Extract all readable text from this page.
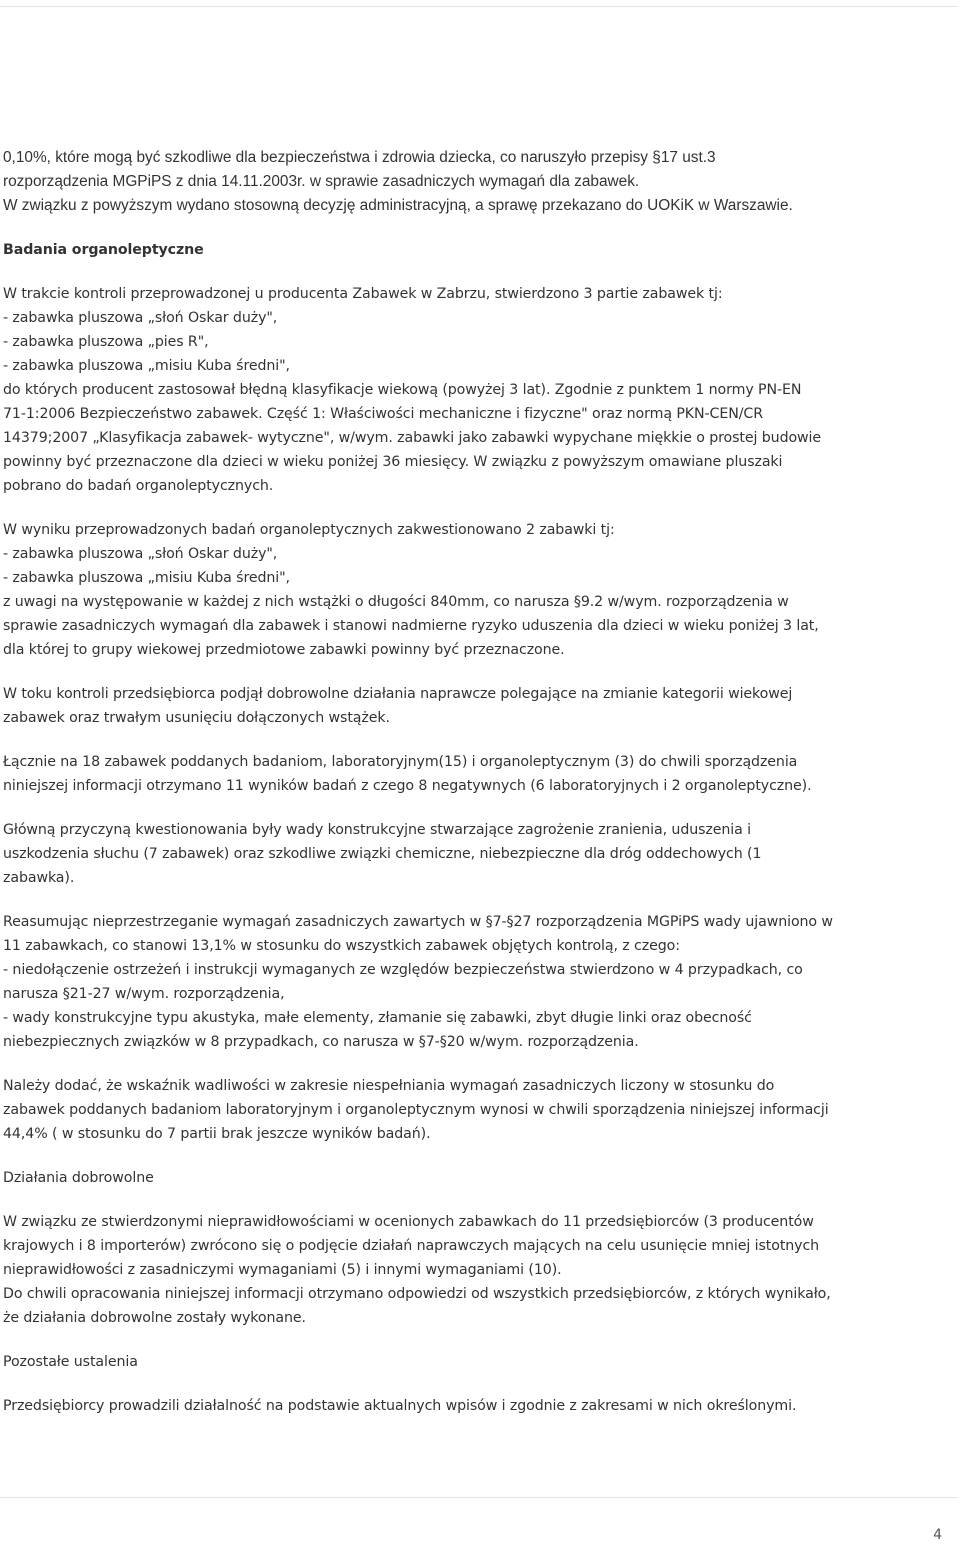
0,10%, które mogą być szkodliwe dla bezpieczeństwa i zdrowia dziecka, co naruszyło przepisy §17 ust.3
rozporządzenia MGPiPS z dnia 14.11.2003r. w sprawie zasadniczych wymagań dla zabawek.
W związku z powyższym wydano stosowną decyzję administracyjną, a sprawę przekazano do UOKiK w Warszawie.

Badania organoleptyczne

W trakcie kontroli przeprowadzonej u producenta Zabawek w Zabrzu, stwierdzono 3 partie zabawek tj:
- zabawka pluszowa „słoń Oskar duży",
- zabawka pluszowa „pies R",
- zabawka pluszowa „misiu Kuba średni",
do których producent zastosował błędną klasyfikacje wiekową (powyżej 3 lat). Zgodnie z punktem 1 normy PN-EN
71-1:2006 Bezpieczeństwo zabawek. Część 1: Właściwości mechaniczne i fizyczne" oraz normą PKN-CEN/CR
14379;2007 „Klasyfikacja zabawek- wytyczne", w/wym. zabawki jako zabawki wypychane miękkie o prostej budowie
powinny być przeznaczone dla dzieci w wieku poniżej 36 miesięcy. W związku z powyższym omawiane pluszaki
pobrano do badań organoleptycznych.

W wyniku przeprowadzonych badań organoleptycznych zakwestionowano 2 zabawki tj:
- zabawka pluszowa „słoń Oskar duży",
- zabawka pluszowa „misiu Kuba średni",
z uwagi na występowanie w każdej z nich wstążki o długości 840mm, co narusza §9.2 w/wym. rozporządzenia w
sprawie zasadniczych wymagań dla zabawek i stanowi nadmierne ryzyko uduszenia dla dzieci w wieku poniżej 3 lat,
dla której to grupy wiekowej przedmiotowe zabawki powinny być przeznaczone.

W toku kontroli przedsiębiorca podjął dobrowolne działania naprawcze polegające na zmianie kategorii wiekowej
zabawek oraz trwałym usunięciu dołączonych wstążek.

Łącznie na 18 zabawek poddanych badaniom, laboratoryjnym(15) i organoleptycznym (3) do chwili sporządzenia
niniejszej informacji otrzymano 11 wyników badań z czego 8 negatywnych (6 laboratoryjnych i 2 organoleptyczne).

Główną przyczyną kwestionowania były wady konstrukcyjne stwarzające zagrożenie zranienia, uduszenia i
uszkodzenia słuchu (7 zabawek) oraz szkodliwe związki chemiczne, niebezpieczne dla dróg oddechowych (1
zabawka).

Reasumując nieprzestrzeganie wymagań zasadniczych zawartych w §7-§27 rozporządzenia MGPiPS wady ujawniono w
11 zabawkach, co stanowi 13,1% w stosunku do wszystkich zabawek objętych kontrolą, z czego:
- niedołączenie ostrzeżeń i instrukcji wymaganych ze względów bezpieczeństwa stwierdzono w 4 przypadkach, co
narusza §21-27 w/wym. rozporządzenia,
- wady konstrukcyjne typu akustyka, małe elementy, złamanie się zabawki, zbyt długie linki oraz obecność
niebezpiecznych związków w 8 przypadkach, co narusza w §7-§20 w/wym. rozporządzenia.

Należy dodać, że wskaźnik wadliwości w zakresie niespełniania wymagań zasadniczych liczony w stosunku do
zabawek poddanych badaniom laboratoryjnym i organoleptycznym wynosi w chwili sporządzenia niniejszej informacji
44,4% ( w stosunku do 7 partii brak jeszcze wyników badań).

Działania dobrowolne

W związku ze stwierdzonymi nieprawidłowościami w ocenionych zabawkach do 11 przedsiębiorców (3 producentów
krajowych i 8 importerów) zwrócono się o podjęcie działań naprawczych mających na celu usunięcie mniej istotnych
nieprawidłowości z zasadniczymi wymaganiami (5) i innymi wymaganiami (10).
Do chwili opracowania niniejszej informacji otrzymano odpowiedzi od wszystkich przedsiębiorców, z których wynikało,
że działania dobrowolne zostały wykonane.

Pozostałe ustalenia

Przedsiębiorcy prowadzili działalność na podstawie aktualnych wpisów i zgodnie z zakresami w nich określonymi.

4
